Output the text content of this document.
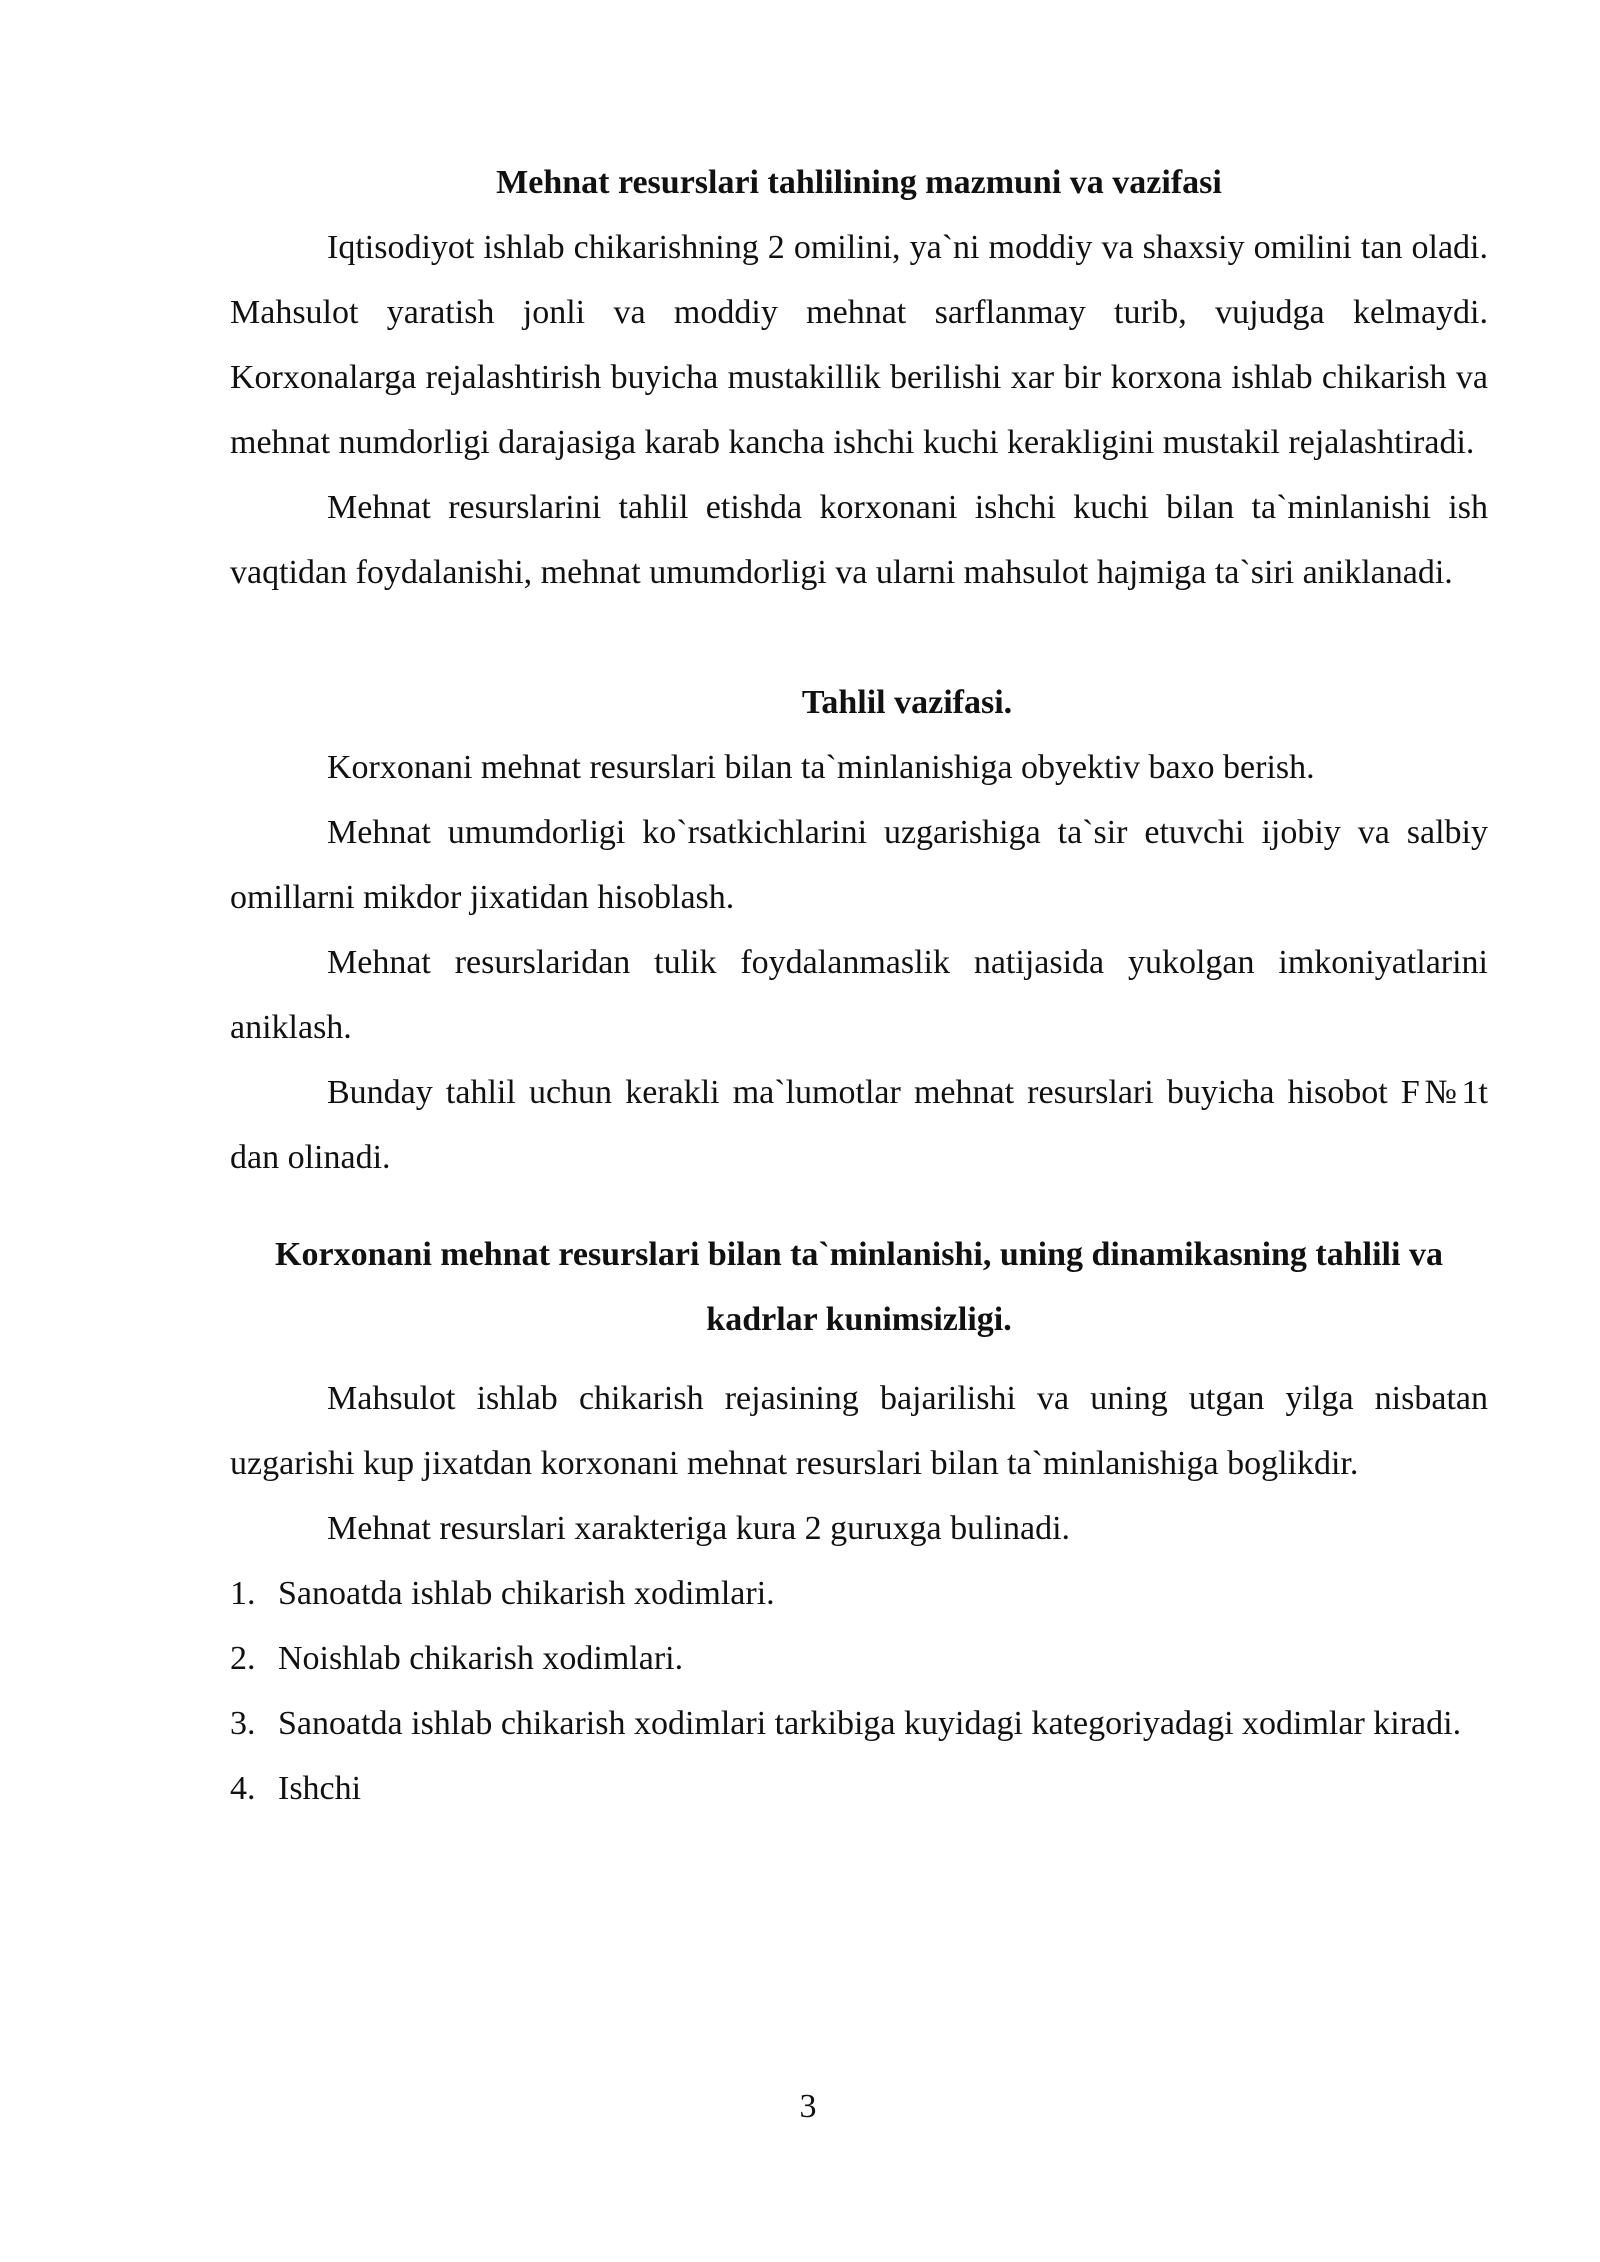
Mehnat resurslari tahlilining mazmuni va vazifasi

Iqtisodiyot ishlab chikarishning 2 omilini, ya`ni moddiy va shaxsiy omilini tan oladi. Mahsulot yaratish jonli va moddiy mehnat sarflanmay turib, vujudga kelmaydi. Korxonalarga rejalashtirish buyicha mustakillik berilishi xar bir korxona ishlab chikarish va mehnat numdorligi darajasiga karab kancha ishchi kuchi kerakligini mustakil rejalashtiradi.

Mehnat resurslarini tahlil etishda korxonani ishchi kuchi bilan ta`minlanishi ish vaqtidan foydalanishi, mehnat umumdorligi va ularni mahsulot hajmiga ta`siri aniklanadi.

Tahlil vazifasi.

Korxonani mehnat resurslari bilan ta`minlanishiga obyektiv baxo berish.

Mehnat umumdorligi ko`rsatkichlarini uzgarishiga ta`sir etuvchi ijobiy va salbiy omillarni mikdor jixatidan hisoblash.

Mehnat resurslaridan tulik foydalanmaslik natijasida yukolgan imkoniyatlarini aniklash.

Bunday tahlil uchun kerakli ma`lumotlar mehnat resurslari buyicha hisobot F№1t dan olinadi.

Korxonani mehnat resurslari bilan ta`minlanishi, uning dinamikasning tahlili va kadrlar kunimsizligi.

Mahsulot ishlab chikarish rejasining bajarilishi va uning utgan yilga nisbatan uzgarishi kup jixatdan korxonani mehnat resurslari bilan ta`minlanishiga boglikdir.

Mehnat resurslari xarakteriga kura 2 guruxga bulinadi.

1. Sanoatda ishlab chikarish xodimlari.
2. Noishlab chikarish xodimlari.
3. Sanoatda ishlab chikarish xodimlari tarkibiga kuyidagi kategoriyadagi xodimlar kiradi.
4. Ishchi
3
